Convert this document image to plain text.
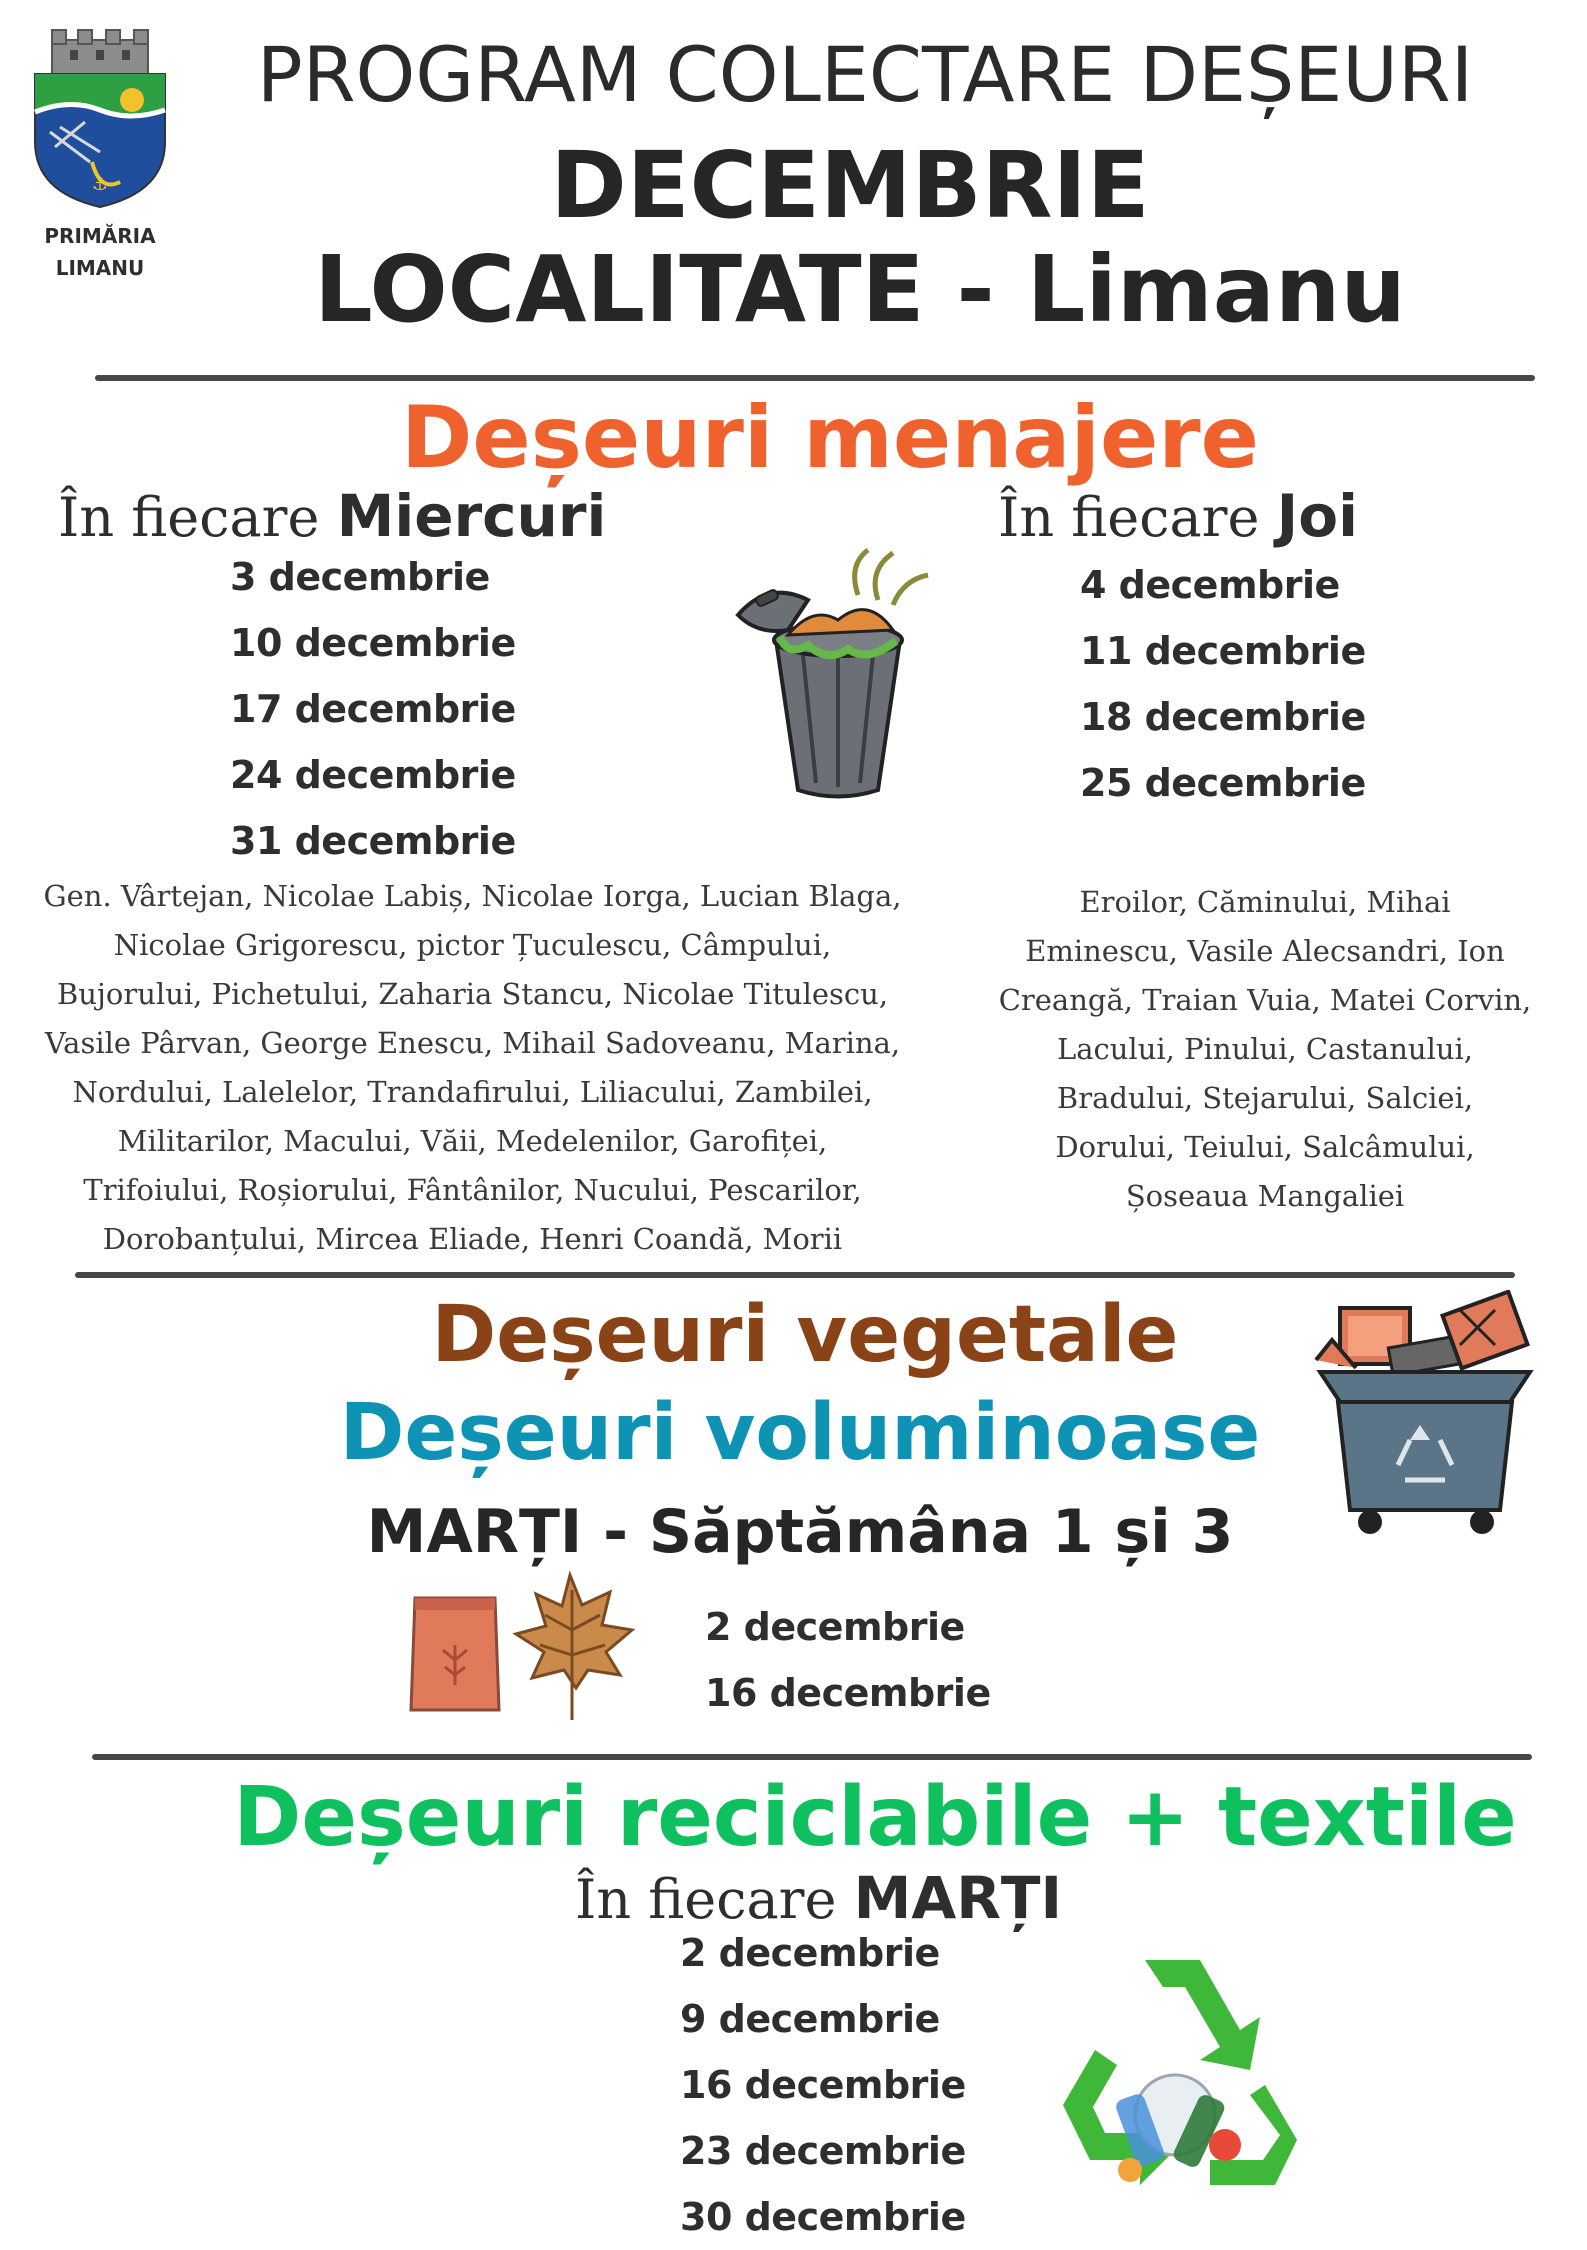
⚓
PRIMĂRIA
LIMANU
PROGRAM COLECTARE DEȘEURI
DECEMBRIE
LOCALITATE - Limanu
Deșeuri menajere
În fiecare Miercuri
3 decembrie
10 decembrie
17 decembrie
24 decembrie
31 decembrie
Gen. Vârtejan, Nicolae Labiș, Nicolae Iorga, Lucian Blaga,
Nicolae Grigorescu, pictor Țuculescu, Câmpului,
Bujorului, Pichetului, Zaharia Stancu, Nicolae Titulescu,
Vasile Pârvan, George Enescu, Mihail Sadoveanu, Marina,
Nordului, Lalelelor, Trandafirului, Liliacului, Zambilei,
Militarilor, Macului, Văii, Medelenilor, Garofiței,
Trifoiului, Roșiorului, Fântânilor, Nucului, Pescarilor,
Dorobanțului, Mircea Eliade, Henri Coandă, Morii
În fiecare Joi
4 decembrie
11 decembrie
18 decembrie
25 decembrie
Eroilor, Căminului, Mihai
Eminescu, Vasile Alecsandri, Ion
Creangă, Traian Vuia, Matei Corvin,
Lacului, Pinului, Castanului,
Bradului, Stejarului, Salciei,
Dorului, Teiului, Salcâmului,
Șoseaua Mangaliei
Deșeuri vegetale
Deșeuri voluminoase
MARȚI - Săptămâna 1 și 3
2 decembrie
16 decembrie
Deșeuri reciclabile + textile
În fiecare MARȚI
2 decembrie
9 decembrie
16 decembrie
23 decembrie
30 decembrie
